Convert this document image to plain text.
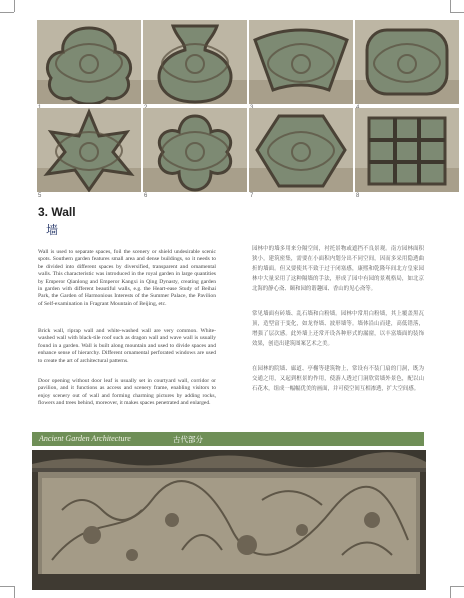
5	6	7	8
3. Wall
墙

Wall is used to separate spaces, foil the scenery or shield undesirable scenic spots. Southern garden features small area and dense buildings, so it needs to be divided into different spaces by diversified, transparent and ornamental walls. This characteristic was introduced in the royal garden in large quantities by Emperor Qianlong and Emperor Kangxi in Qing Dynasty, creating garden in garden with different beautiful walls, e.g. the Heart-ease Study of Beihai Park, the Garden of Harmonious Interests of the Summer Palace, the Pavilion of Self-examination in Fragrant Mountain of Beijing, etc.

Brick wall, riprap wall and white-washed wall are very common. White-washed wall with black-tile roof such as dragon wall and wave wall is usually found in a garden. Wall is built along mountain and used to divide spaces and enhance sense of hierarchy. Different ornamental perforated windows are used to create the art of architectural patterns.

Door opening without door leaf is usually set in courtyard wall, corridor or pavilion, and it functions as access and scenery frame, enabling visitors to enjoy scenery out of wall and forming charming pictures by adding rocks, flowers and trees behind, moreover, it makes spaces penetrated and enlarged.

园林中的墙多用来分隔空间，衬托景物或遮挡不良景观。南方园林面积狭小，建筑密集，需要在小面积内划分出不同空间，因而多采用隐透曲折的墙面。但又要使其不致于过于闭塞感，康熙和乾隆年间北方皇家园林中大量采用了这种隔墙的手法，形成了园中有园的景观格局，如北京北海的静心斋、颐和园的谐趣园、香山的见心斋等。

常见墙面有砖墙、乱石墙和白粉墙。园林中常用白粉墙，其上覆盖黑瓦顶，造型富于变化，如龙脊墙、波形墙等。墙体沿山而建，高低错落，增强了层次感。此外墙上还常开设各种形式的漏窗，以丰富墙面的装饰效果，创造出建筑图案艺术之美。

在园林的院墙、廊道、亭榭等建筑物上，常设有不装门扇的门洞，既为交通之用，又起到框景的作用，使游人透过门洞欣赏墙外景色，配以山石花木，组成一幅幅优美的画面，并可使空间互相渗透，扩大空间感。

Ancient Garden Architecture	古代部分
